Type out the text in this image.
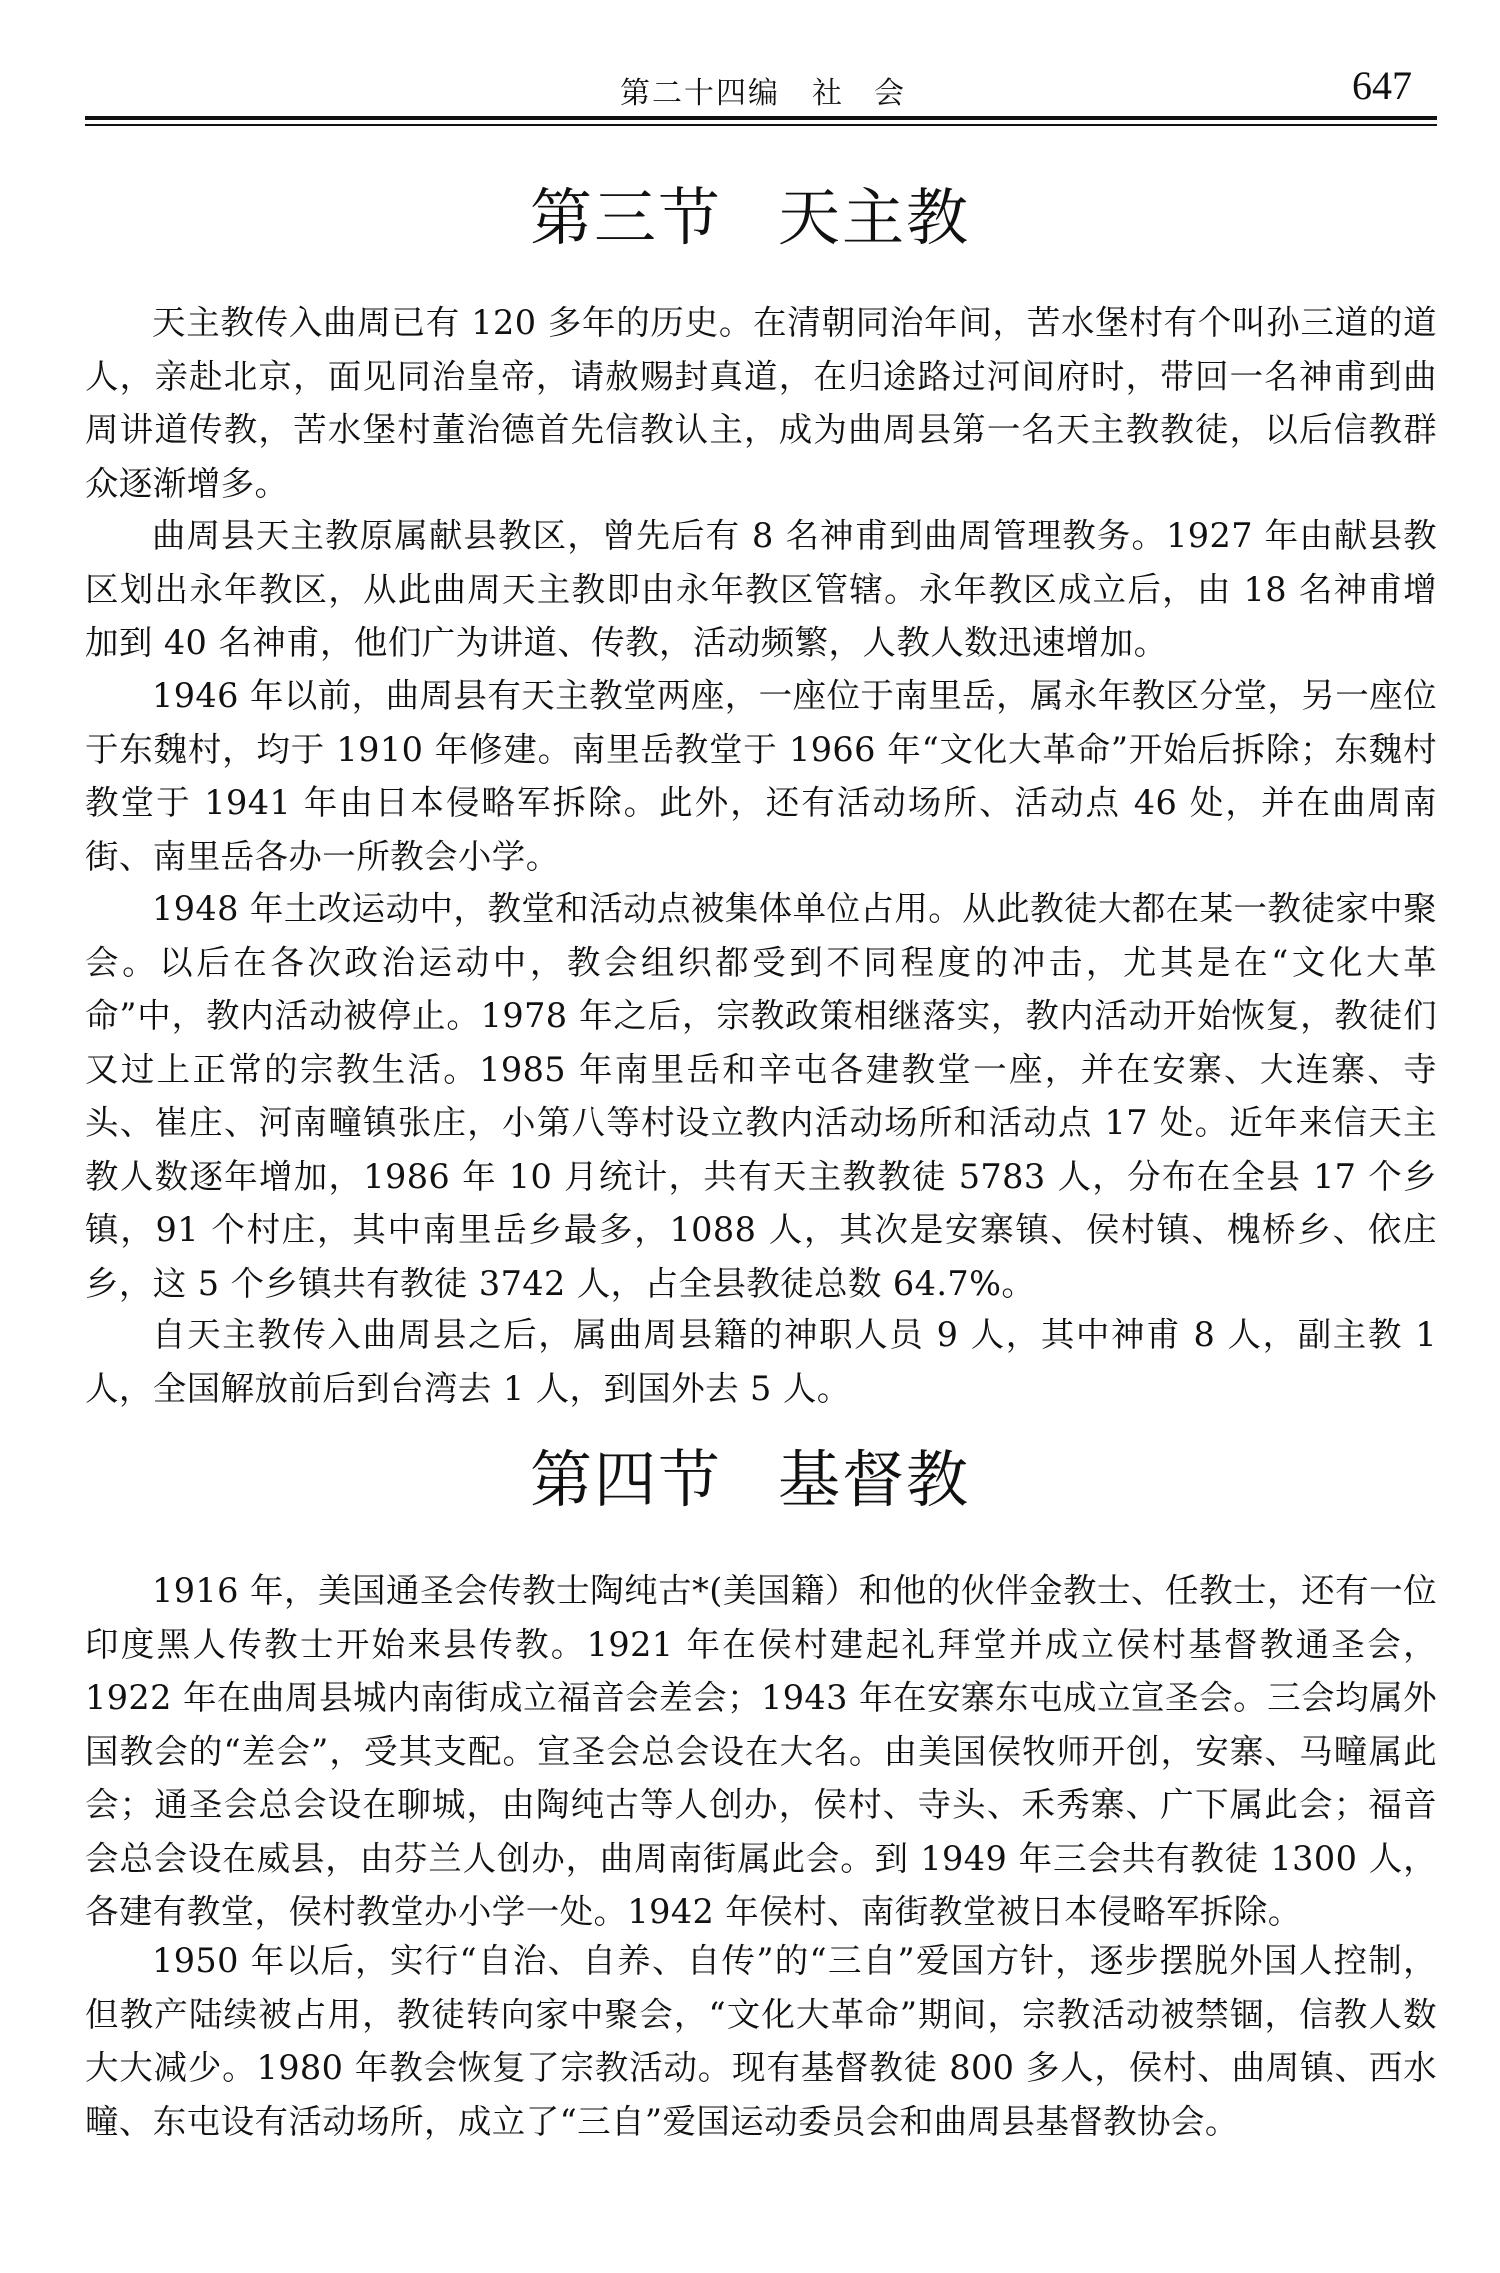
第二十四编 社 会	647
第三节 天主教

天主教传入曲周已有 120 多年的历史。在清朝同治年间，苦水堡村有个叫孙三道的道人，亲赴北京，面见同治皇帝，请赦赐封真道，在归途路过河间府时，带回一名神甫到曲周讲道传教，苦水堡村董治德首先信教认主，成为曲周县第一名天主教教徒，以后信教群众逐渐增多。

曲周县天主教原属献县教区，曾先后有 8 名神甫到曲周管理教务。1927 年由献县教区划出永年教区，从此曲周天主教即由永年教区管辖。永年教区成立后，由 18 名神甫增加到 40 名神甫，他们广为讲道、传教，活动频繁，人教人数迅速增加。

1946 年以前，曲周县有天主教堂两座，一座位于南里岳，属永年教区分堂，另一座位于东魏村，均于 1910 年修建。南里岳教堂于 1966 年“文化大革命”开始后拆除；东魏村教堂于 1941 年由日本侵略军拆除。此外，还有活动场所、活动点 46 处，并在曲周南街、南里岳各办一所教会小学。

1948 年土改运动中，教堂和活动点被集体单位占用。从此教徒大都在某一教徒家中聚会。以后在各次政治运动中，教会组织都受到不同程度的冲击，尤其是在“文化大革命”中，教内活动被停止。1978 年之后，宗教政策相继落实，教内活动开始恢复，教徒们又过上正常的宗教生活。1985 年南里岳和辛屯各建教堂一座，并在安寨、大连寨、寺头、崔庄、河南疃镇张庄，小第八等村设立教内活动场所和活动点 17 处。近年来信天主教人数逐年增加，1986 年 10 月统计，共有天主教教徒 5783 人，分布在全县 17 个乡镇，91 个村庄，其中南里岳乡最多，1088 人，其次是安寨镇、侯村镇、槐桥乡、依庄乡，这 5 个乡镇共有教徒 3742 人，占全县教徒总数 64.7%。

自天主教传入曲周县之后，属曲周县籍的神职人员 9 人，其中神甫 8 人，副主教 1 人，全国解放前后到台湾去 1 人，到国外去 5 人。

第四节 基督教

1916 年，美国通圣会传教士陶纯古*(美国籍）和他的伙伴金教士、任教士，还有一位印度黑人传教士开始来县传教。1921 年在侯村建起礼拜堂并成立侯村基督教通圣会，1922 年在曲周县城内南街成立福音会差会；1943 年在安寨东屯成立宣圣会。三会均属外国教会的“差会”，受其支配。宣圣会总会设在大名。由美国侯牧师开创，安寨、马疃属此会；通圣会总会设在聊城，由陶纯古等人创办，侯村、寺头、禾秀寨、广下属此会；福音会总会设在威县，由芬兰人创办，曲周南街属此会。到 1949 年三会共有教徒 1300 人，各建有教堂，侯村教堂办小学一处。1942 年侯村、南街教堂被日本侵略军拆除。

1950 年以后，实行“自治、自养、自传”的“三自”爱国方针，逐步摆脱外国人控制，但教产陆续被占用，教徒转向家中聚会，“文化大革命”期间，宗教活动被禁锢，信教人数大大减少。1980 年教会恢复了宗教活动。现有基督教徒 800 多人，侯村、曲周镇、西水疃、东屯设有活动场所，成立了“三自”爱国运动委员会和曲周县基督教协会。
